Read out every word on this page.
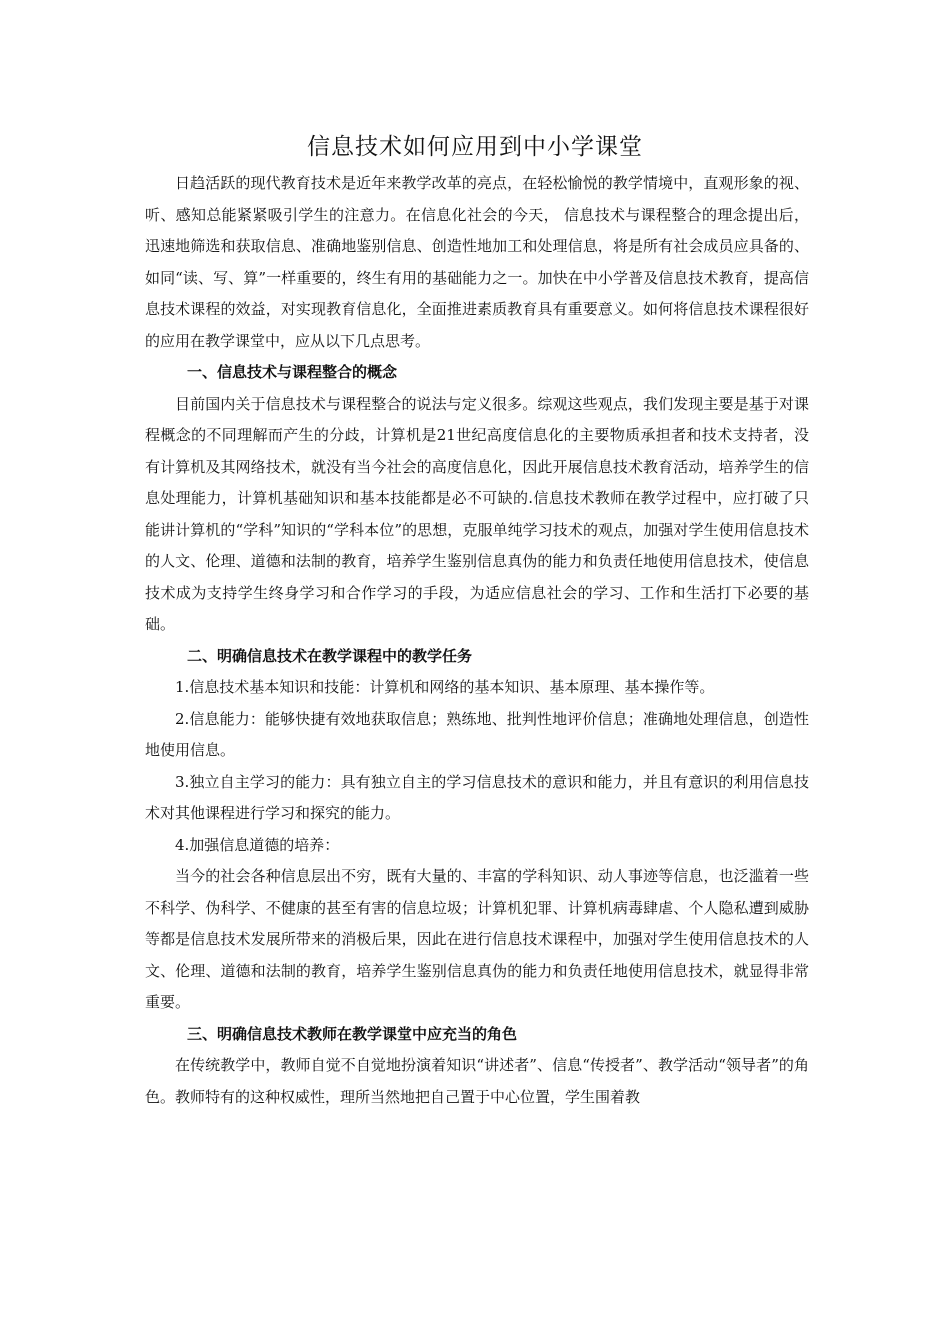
信息技术如何应用到中小学课堂

日趋活跃的现代教育技术是近年来教学改革的亮点，在轻松愉悦的教学情境中，直观形象的视、听、感知总能紧紧吸引学生的注意力。在信息化社会的今天， 信息技术与课程整合的理念提出后，迅速地筛选和获取信息、准确地鉴别信息、创造性地加工和处理信息，将是所有社会成员应具备的、如同“读、写、算”一样重要的，终生有用的基础能力之一。加快在中小学普及信息技术教育，提高信息技术课程的效益，对实现教育信息化，全面推进素质教育具有重要意义。如何将信息技术课程很好的应用在教学课堂中，应从以下几点思考。

一、信息技术与课程整合的概念

目前国内关于信息技术与课程整合的说法与定义很多。综观这些观点，我们发现主要是基于对课程概念的不同理解而产生的分歧，计算机是21世纪高度信息化的主要物质承担者和技术支持者，没有计算机及其网络技术，就没有当今社会的高度信息化，因此开展信息技术教育活动，培养学生的信息处理能力，计算机基础知识和基本技能都是必不可缺的.信息技术教师在教学过程中，应打破了只能讲计算机的“学科”知识的“学科本位”的思想，克服单纯学习技术的观点，加强对学生使用信息技术的人文、伦理、道德和法制的教育，培养学生鉴别信息真伪的能力和负责任地使用信息技术，使信息技术成为支持学生终身学习和合作学习的手段，为适应信息社会的学习、工作和生活打下必要的基础。

二、明确信息技术在教学课程中的教学任务

1.信息技术基本知识和技能：计算机和网络的基本知识、基本原理、基本操作等。

2.信息能力：能够快捷有效地获取信息；熟练地、批判性地评价信息；准确地处理信息，创造性地使用信息。

3.独立自主学习的能力：具有独立自主的学习信息技术的意识和能力，并且有意识的利用信息技术对其他课程进行学习和探究的能力。

4.加强信息道德的培养：

当今的社会各种信息层出不穷，既有大量的、丰富的学科知识、动人事迹等信息，也泛滥着一些不科学、伪科学、不健康的甚至有害的信息垃圾；计算机犯罪、计算机病毒肆虐、个人隐私遭到威胁等都是信息技术发展所带来的消极后果，因此在进行信息技术课程中，加强对学生使用信息技术的人文、伦理、道德和法制的教育，培养学生鉴别信息真伪的能力和负责任地使用信息技术，就显得非常重要。

三、明确信息技术教师在教学课堂中应充当的角色

在传统教学中，教师自觉不自觉地扮演着知识“讲述者”、信息“传授者”、教学活动“领导者”的角色。教师特有的这种权威性，理所当然地把自己置于中心位置，学生围着教
